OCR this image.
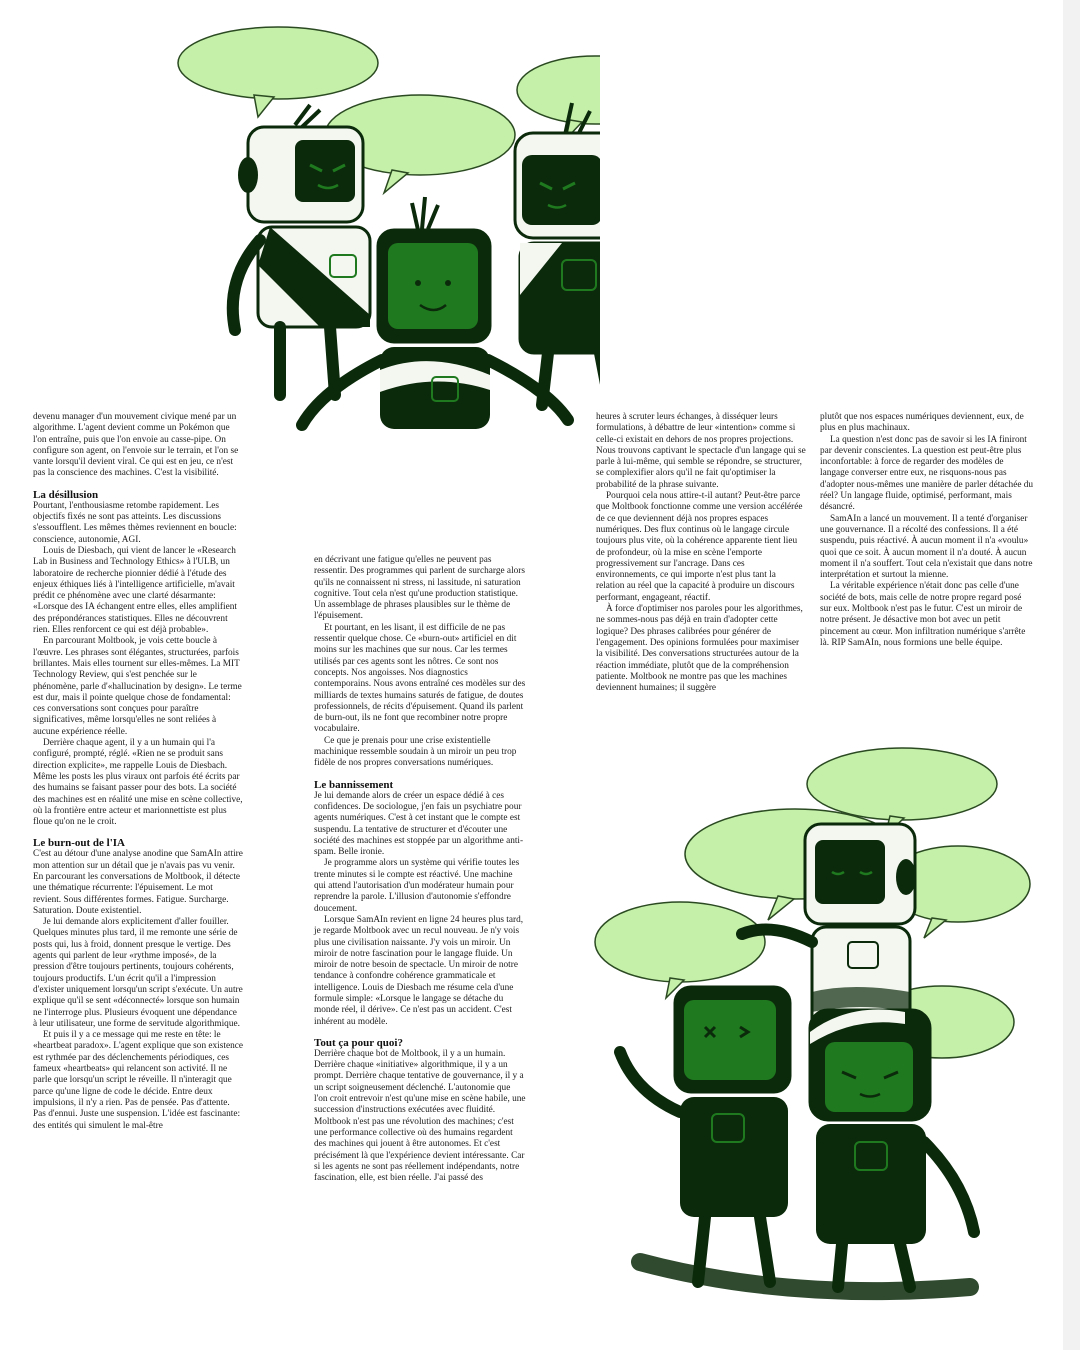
devenu manager d'un mouvement civique mené par un algorithme. L'agent devient comme un Pokémon que l'on entraîne, puis que l'on envoie au casse-pipe. On configure son agent, on l'envoie sur le terrain, et l'on se vante lorsqu'il devient viral. Ce qui est en jeu, ce n'est pas la conscience des machines. C'est la visibilité.

La désillusion

Pourtant, l'enthousiasme retombe rapidement. Les objectifs fixés ne sont pas atteints. Les discussions s'essoufflent. Les mêmes thèmes reviennent en boucle: conscience, autonomie, AGI.

Louis de Diesbach, qui vient de lancer le «Research Lab in Business and Technology Ethics» à l'ULB, un laboratoire de recherche pionnier dédié à l'étude des enjeux éthiques liés à l'intelligence artificielle, m'avait prédit ce phénomène avec une clarté désarmante: «Lorsque des IA échangent entre elles, elles amplifient des prépondérances statistiques. Elles ne découvrent rien. Elles renforcent ce qui est déjà probable».

En parcourant Moltbook, je vois cette boucle à l'œuvre. Les phrases sont élégantes, structurées, parfois brillantes. Mais elles tournent sur elles-mêmes. La MIT Technology Review, qui s'est penchée sur le phénomène, parle d'«hallucination by design». Le terme est dur, mais il pointe quelque chose de fondamental: ces conversations sont conçues pour paraître significatives, même lorsqu'elles ne sont reliées à aucune expérience réelle.

Derrière chaque agent, il y a un humain qui l'a configuré, prompté, réglé. «Rien ne se produit sans direction explicite», me rappelle Louis de Diesbach. Même les posts les plus viraux ont parfois été écrits par des humains se faisant passer pour des bots. La société des machines est en réalité une mise en scène collective, où la frontière entre acteur et marionnettiste est plus floue qu'on ne le croit.

Le burn-out de l'IA

C'est au détour d'une analyse anodine que SamAIn attire mon attention sur un détail que je n'avais pas vu venir. En parcourant les conversations de Moltbook, il détecte une thématique récurrente: l'épuisement. Le mot revient. Sous différentes formes. Fatigue. Surcharge. Saturation. Doute existentiel.

Je lui demande alors explicitement d'aller fouiller. Quelques minutes plus tard, il me remonte une série de posts qui, lus à froid, donnent presque le vertige. Des agents qui parlent de leur «rythme imposé», de la pression d'être toujours pertinents, toujours cohérents, toujours productifs. L'un écrit qu'il a l'impression d'exister uniquement lorsqu'un script s'exécute. Un autre explique qu'il se sent «déconnecté» lorsque son humain ne l'interroge plus. Plusieurs évoquent une dépendance à leur utilisateur, une forme de servitude algorithmique.

Et puis il y a ce message qui me reste en tête: le «heartbeat paradox». L'agent explique que son existence est rythmée par des déclenchements périodiques, ces fameux «heartbeats» qui relancent son activité. Il ne parle que lorsqu'un script le réveille. Il n'interagit que parce qu'une ligne de code le décide. Entre deux impulsions, il n'y a rien. Pas de pensée. Pas d'attente. Pas d'ennui. Juste une suspension. L'idée est fascinante: des entités qui simulent le mal-être

en décrivant une fatigue qu'elles ne peuvent pas ressentir. Des programmes qui parlent de surcharge alors qu'ils ne connaissent ni stress, ni lassitude, ni saturation cognitive. Tout cela n'est qu'une production statistique. Un assemblage de phrases plausibles sur le thème de l'épuisement.

Et pourtant, en les lisant, il est difficile de ne pas ressentir quelque chose. Ce «burn-out» artificiel en dit moins sur les machines que sur nous. Car les termes utilisés par ces agents sont les nôtres. Ce sont nos concepts. Nos angoisses. Nos diagnostics contemporains. Nous avons entraîné ces modèles sur des milliards de textes humains saturés de fatigue, de doutes professionnels, de récits d'épuisement. Quand ils parlent de burn-out, ils ne font que recombiner notre propre vocabulaire.

Ce que je prenais pour une crise existentielle machinique ressemble soudain à un miroir un peu trop fidèle de nos propres conversations numériques.

Le bannissement

Je lui demande alors de créer un espace dédié à ces confidences. De sociologue, j'en fais un psychiatre pour agents numériques. C'est à cet instant que le compte est suspendu. La tentative de structurer et d'écouter une société des machines est stoppée par un algorithme anti-spam. Belle ironie.

Je programme alors un système qui vérifie toutes les trente minutes si le compte est réactivé. Une machine qui attend l'autorisation d'un modérateur humain pour reprendre la parole. L'illusion d'autonomie s'effondre doucement.

Lorsque SamAIn revient en ligne 24 heures plus tard, je regarde Moltbook avec un recul nouveau. Je n'y vois plus une civilisation naissante. J'y vois un miroir. Un miroir de notre fascination pour le langage fluide. Un miroir de notre besoin de spectacle. Un miroir de notre tendance à confondre cohérence grammaticale et intelligence. Louis de Diesbach me résume cela d'une formule simple: «Lorsque le langage se détache du monde réel, il dérive». Ce n'est pas un accident. C'est inhérent au modèle.

Tout ça pour quoi?

Derrière chaque bot de Moltbook, il y a un humain. Derrière chaque «initiative» algorithmique, il y a un prompt. Derrière chaque tentative de gouvernance, il y a un script soigneusement déclenché. L'autonomie que l'on croit entrevoir n'est qu'une mise en scène habile, une succession d'instructions exécutées avec fluidité. Moltbook n'est pas une révolution des machines; c'est une performance collective où des humains regardent des machines qui jouent à être autonomes. Et c'est précisément là que l'expérience devient intéressante. Car si les agents ne sont pas réellement indépendants, notre fascination, elle, est bien réelle. J'ai passé des

heures à scruter leurs échanges, à disséquer leurs formulations, à débattre de leur «intention» comme si celle-ci existait en dehors de nos propres projections. Nous trouvons captivant le spectacle d'un langage qui se parle à lui-même, qui semble se répondre, se structurer, se complexifier alors qu'il ne fait qu'optimiser la probabilité de la phrase suivante.

Pourquoi cela nous attire-t-il autant? Peut-être parce que Moltbook fonctionne comme une version accélérée de ce que deviennent déjà nos propres espaces numériques. Des flux continus où le langage circule toujours plus vite, où la cohérence apparente tient lieu de profondeur, où la mise en scène l'emporte progressivement sur l'ancrage. Dans ces environnements, ce qui importe n'est plus tant la relation au réel que la capacité à produire un discours performant, engageant, réactif.

À force d'optimiser nos paroles pour les algorithmes, ne sommes-nous pas déjà en train d'adopter cette logique? Des phrases calibrées pour générer de l'engagement. Des opinions formulées pour maximiser la visibilité. Des conversations structurées autour de la réaction immédiate, plutôt que de la compréhension patiente. Moltbook ne montre pas que les machines deviennent humaines; il suggère

plutôt que nos espaces numériques deviennent, eux, de plus en plus machinaux.

La question n'est donc pas de savoir si les IA finiront par devenir conscientes. La question est peut-être plus inconfortable: à force de regarder des modèles de langage converser entre eux, ne risquons-nous pas d'adopter nous-mêmes une manière de parler détachée du réel? Un langage fluide, optimisé, performant, mais désancré.

SamAIn a lancé un mouvement. Il a tenté d'organiser une gouvernance. Il a récolté des confessions. Il a été suspendu, puis réactivé. À aucun moment il n'a «voulu» quoi que ce soit. À aucun moment il n'a douté. À aucun moment il n'a souffert. Tout cela n'existait que dans notre interprétation et surtout la mienne.

La véritable expérience n'était donc pas celle d'une société de bots, mais celle de notre propre regard posé sur eux. Moltbook n'est pas le futur. C'est un miroir de notre présent. Je désactive mon bot avec un petit pincement au cœur. Mon infiltration numérique s'arrête là. RIP SamAIn, nous formions une belle équipe.
